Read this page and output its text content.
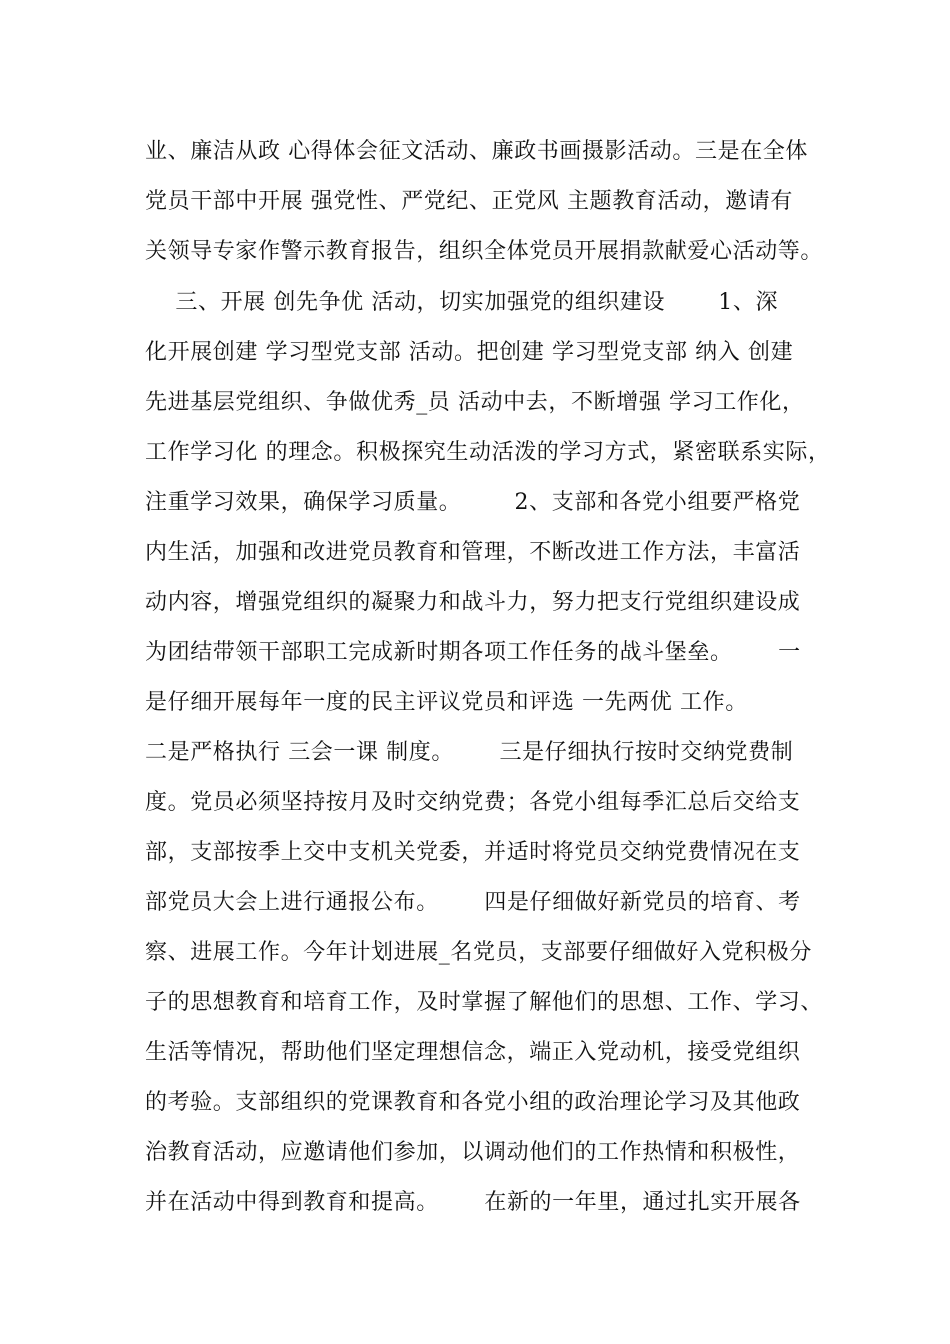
业、廉洁从政 心得体会征文活动、廉政书画摄影活动。三是在全体
党员干部中开展 强党性、严党纪、正党风 主题教育活动，邀请有
关领导专家作警示教育报告，组织全体党员开展捐款献爱心活动等。
三、开展 创先争优 活动，切实加强党的组织建设       1、深
化开展创建 学习型党支部 活动。把创建 学习型党支部 纳入 创建
先进基层党组织、争做优秀_员 活动中去，不断增强 学习工作化，
工作学习化 的理念。积极探究生动活泼的学习方式，紧密联系实际，
注重学习效果，确保学习质量。       2、支部和各党小组要严格党
内生活，加强和改进党员教育和管理，不断改进工作方法，丰富活
动内容，增强党组织的凝聚力和战斗力，努力把支行党组织建设成
为团结带领干部职工完成新时期各项工作任务的战斗堡垒。      一
是仔细开展每年一度的民主评议党员和评选 一先两优 工作。
二是严格执行 三会一课 制度。      三是仔细执行按时交纳党费制
度。党员必须坚持按月及时交纳党费；各党小组每季汇总后交给支
部，支部按季上交中支机关党委，并适时将党员交纳党费情况在支
部党员大会上进行通报公布。      四是仔细做好新党员的培育、考
察、进展工作。今年计划进展_名党员，支部要仔细做好入党积极分
子的思想教育和培育工作，及时掌握了解他们的思想、工作、学习、
生活等情况，帮助他们坚定理想信念，端正入党动机，接受党组织
的考验。支部组织的党课教育和各党小组的政治理论学习及其他政
治教育活动，应邀请他们参加，以调动他们的工作热情和积极性，
并在活动中得到教育和提高。      在新的一年里，通过扎实开展各
